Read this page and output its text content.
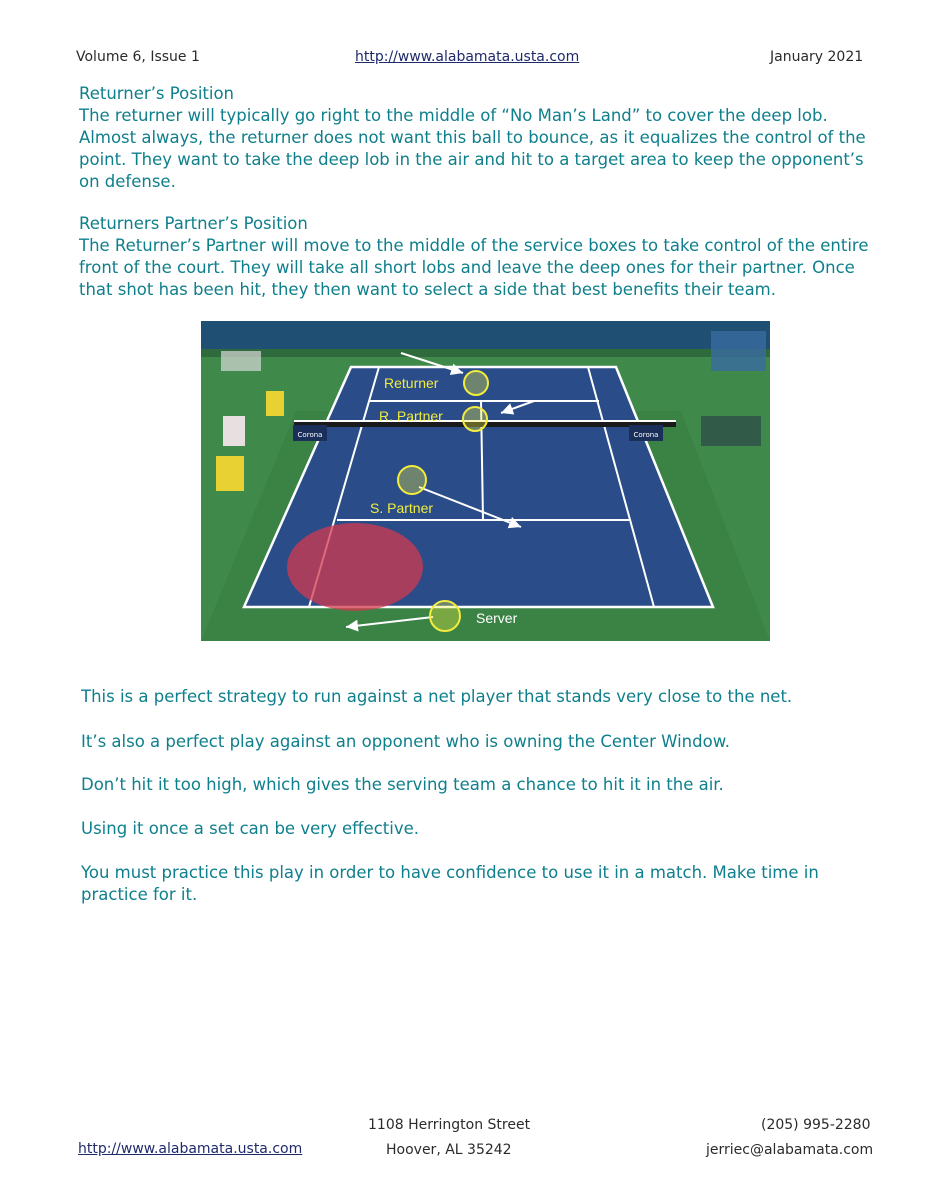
Volume 6, Issue 1	http://www.alabamata.usta.com	January 2021
Returner’s Position
The returner will typically go right to the middle of “No Man’s Land” to cover the deep lob. Almost always, the returner does not want this ball to bounce, as it equalizes the control of the point. They want to take the deep lob in the air and hit to a target area to keep the opponent’s on defense.
Returners Partner’s Position
The Returner’s Partner will move to the middle of the service boxes to take control of the entire front of the court. They will take all short lobs and leave the deep ones for their partner. Once that shot has been hit, they then want to select a side that best benefits their team.
Corona	Corona
Returner
R. Partner
S. Partner
Server
This is a perfect strategy to run against a net player that stands very close to the net.
It’s also a perfect play against an opponent who is owning the Center Window.
Don’t hit it too high, which gives the serving team a chance to hit it in the air.
Using it once a set can be very effective.
You must practice this play in order to have confidence to use it in a match. Make time in practice for it.
http://www.alabamata.usta.com
1108 Herrington Street
Hoover, AL 35242
(205) 995-2280
jerriec@alabamata.com
